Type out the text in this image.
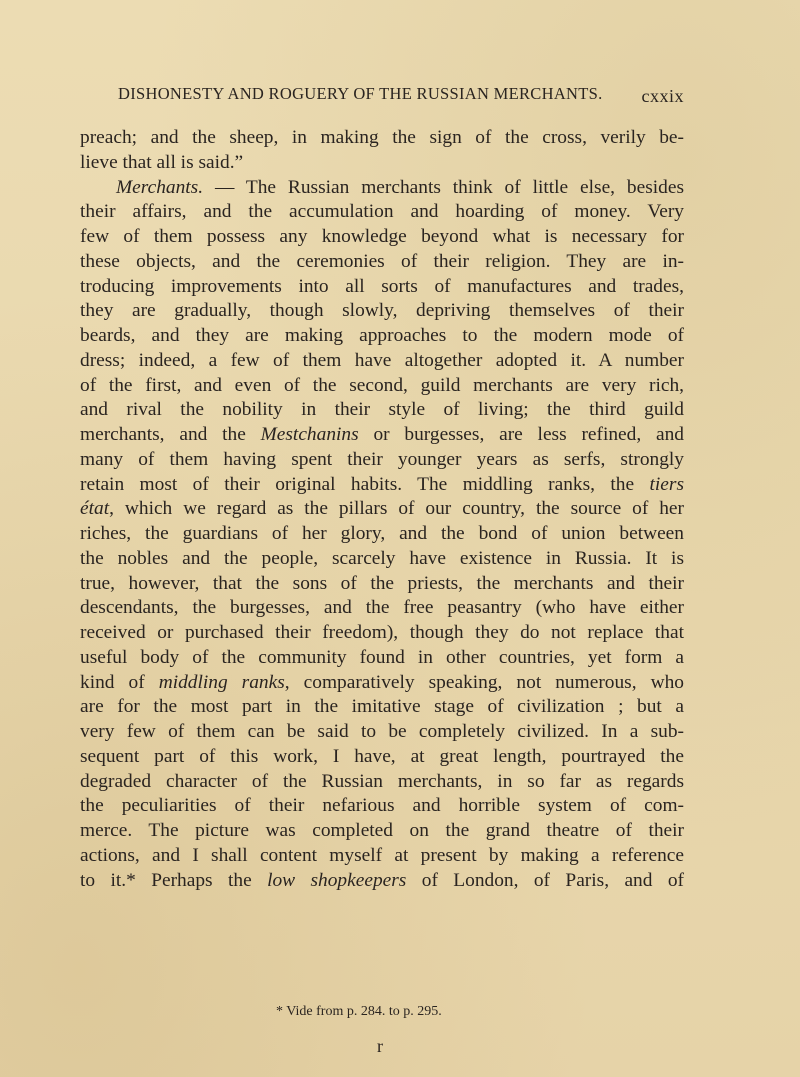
DISHONESTY AND ROGUERY OF THE RUSSIAN MERCHANTS. cxxix
preach; and the sheep, in making the sign of the cross, verily be-
lieve that all is said.”
Merchants. — The Russian merchants think of little else, besides
their affairs, and the accumulation and hoarding of money. Very
few of them possess any knowledge beyond what is necessary for
these objects, and the ceremonies of their religion. They are in-
troducing improvements into all sorts of manufactures and trades,
they are gradually, though slowly, depriving themselves of their
beards, and they are making approaches to the modern mode of
dress; indeed, a few of them have altogether adopted it. A number
of the first, and even of the second, guild merchants are very rich,
and rival the nobility in their style of living; the third guild
merchants, and the Mestchanins or burgesses, are less refined, and
many of them having spent their younger years as serfs, strongly
retain most of their original habits. The middling ranks, the tiers
état, which we regard as the pillars of our country, the source of her
riches, the guardians of her glory, and the bond of union between
the nobles and the people, scarcely have existence in Russia. It is
true, however, that the sons of the priests, the merchants and their
descendants, the burgesses, and the free peasantry (who have either
received or purchased their freedom), though they do not replace that
useful body of the community found in other countries, yet form a
kind of middling ranks, comparatively speaking, not numerous, who
are for the most part in the imitative stage of civilization ; but a
very few of them can be said to be completely civilized. In a sub-
sequent part of this work, I have, at great length, pourtrayed the
degraded character of the Russian merchants, in so far as regards
the peculiarities of their nefarious and horrible system of com-
merce. The picture was completed on the grand theatre of their
actions, and I shall content myself at present by making a reference
to it.* Perhaps the low shopkeepers of London, of Paris, and of
* Vide from p. 284. to p. 295.
r
